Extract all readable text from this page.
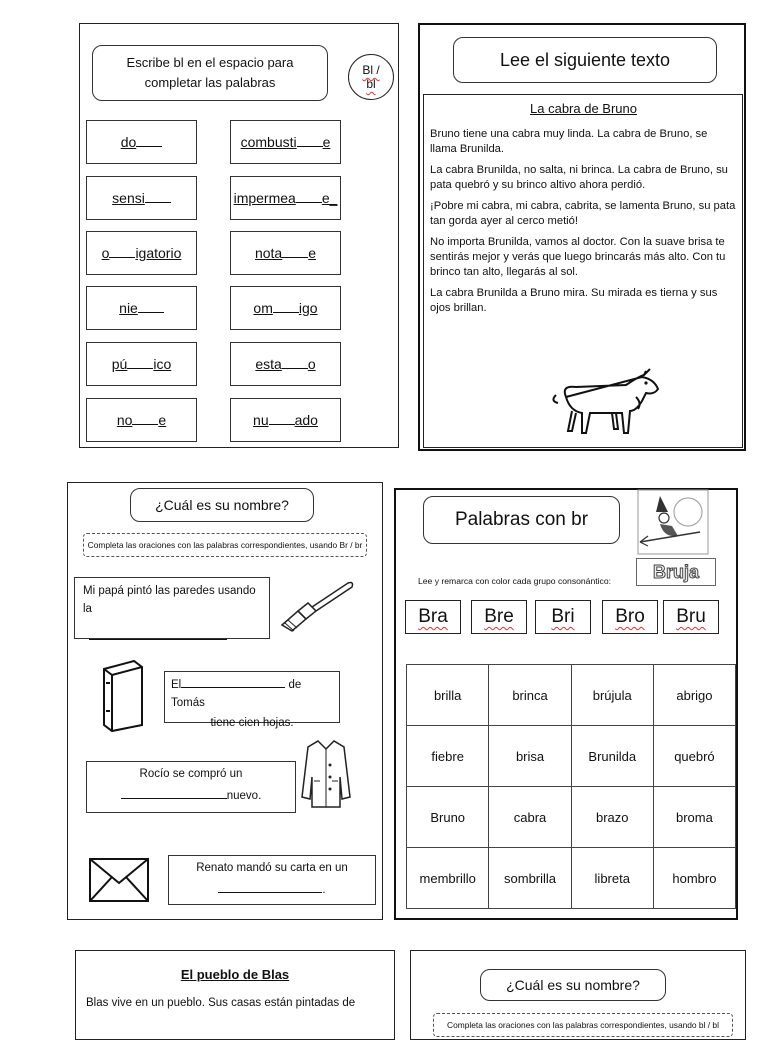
Escribe bl en el espacio para completar las palabras
Bl /
bl
do	combusti e
sensi	impermea e_
o igatorio	nota e
nie	om igo
pú ico	esta o
no e	nu ado
Lee el siguiente texto
La cabra de Bruno
Bruno tiene una cabra muy linda. La cabra de Bruno, se llama Brunilda.
La cabra Brunilda, no salta, ni brinca. La cabra de Bruno, su pata quebró y su brinco altivo ahora perdió.
¡Pobre mi cabra, mi cabra, cabrita, se lamenta Bruno, su pata tan gorda ayer al cerco metió!
No importa Brunilda, vamos al doctor. Con la suave brisa te sentirás mejor y verás que luego brincarás más alto. Con tu brinco tan alto, llegarás al sol.
La cabra Brunilda a Bruno mira. Su mirada es tierna y sus ojos brillan.
¿Cuál es su nombre?
Completa las oraciones con las palabras correspondientes, usando Br / br
Mi papá pintó las paredes usando la
El	de Tomás
tiene cien hojas.
Rocío se compró un
nuevo.
Renato mandó su carta en un
.
Palabras con br
Bruja
Lee y remarca con color cada grupo consonántico:
Bra Bre Bri Bro Bru
brilla	brinca	brújula	abrigo
fiebre	brisa	Brunilda	quebró
Bruno	cabra	brazo	broma
membrillo	sombrilla	libreta	hombro
El pueblo de Blas
Blas vive en un pueblo. Sus casas están pintadas de
¿Cuál es su nombre?
Completa las oraciones con las palabras correspondientes, usando bl / bl
